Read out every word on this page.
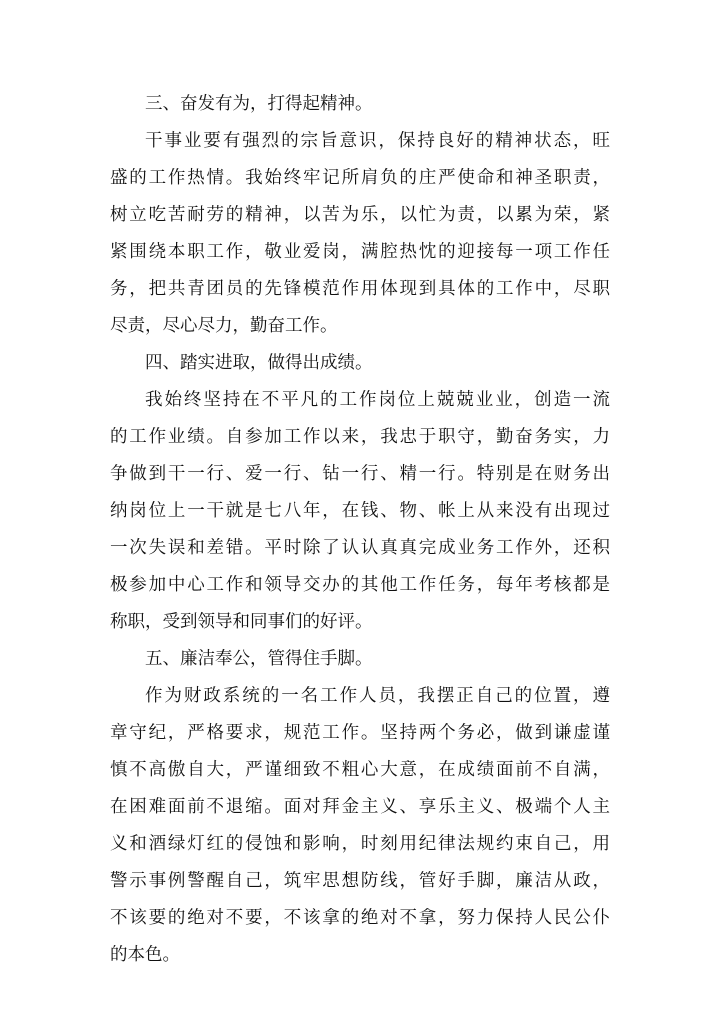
三、奋发有为，打得起精神。
干事业要有强烈的宗旨意识，保持良好的精神状态，旺
盛的工作热情。我始终牢记所肩负的庄严使命和神圣职责，
树立吃苦耐劳的精神，以苦为乐，以忙为责，以累为荣，紧
紧围绕本职工作，敬业爱岗，满腔热忱的迎接每一项工作任
务，把共青团员的先锋模范作用体现到具体的工作中，尽职
尽责，尽心尽力，勤奋工作。
四、踏实进取，做得出成绩。
我始终坚持在不平凡的工作岗位上兢兢业业，创造一流
的工作业绩。自参加工作以来，我忠于职守，勤奋务实，力
争做到干一行、爱一行、钻一行、精一行。特别是在财务出
纳岗位上一干就是七八年，在钱、物、帐上从来没有出现过
一次失误和差错。平时除了认认真真完成业务工作外，还积
极参加中心工作和领导交办的其他工作任务，每年考核都是
称职，受到领导和同事们的好评。
五、廉洁奉公，管得住手脚。
作为财政系统的一名工作人员，我摆正自己的位置，遵
章守纪，严格要求，规范工作。坚持两个务必，做到谦虚谨
慎不高傲自大，严谨细致不粗心大意，在成绩面前不自满，
在困难面前不退缩。面对拜金主义、享乐主义、极端个人主
义和酒绿灯红的侵蚀和影响，时刻用纪律法规约束自己，用
警示事例警醒自己，筑牢思想防线，管好手脚，廉洁从政，
不该要的绝对不要，不该拿的绝对不拿，努力保持人民公仆
的本色。
